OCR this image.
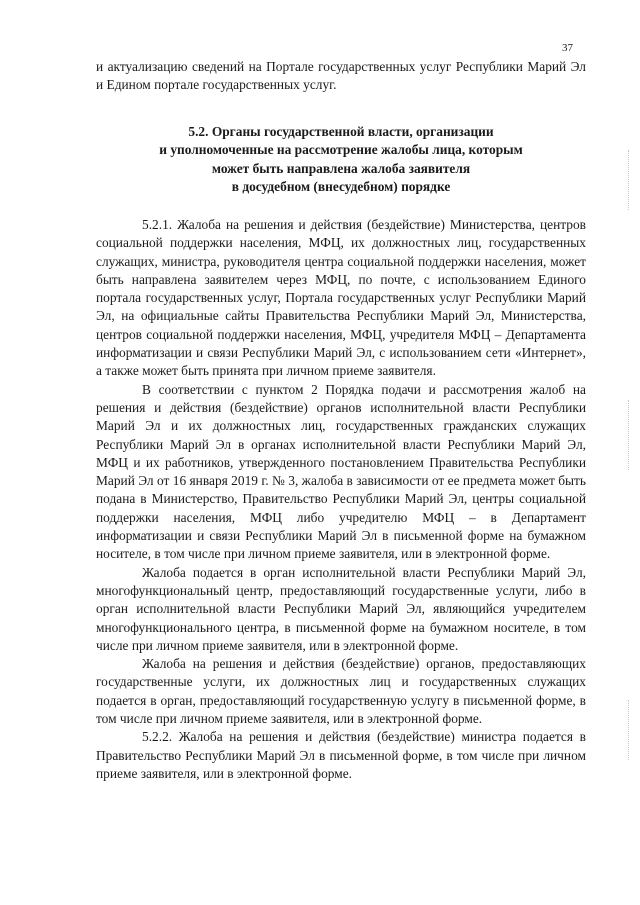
37

и актуализацию сведений на Портале государственных услуг Республики Марий Эл и Едином портале государственных услуг.

5.2. Органы государственной власти, организации
и уполномоченные на рассмотрение жалобы лица, которым
может быть направлена жалоба заявителя
в досудебном (внесудебном) порядке

5.2.1. Жалоба на решения и действия (бездействие) Министерства, центров социальной поддержки населения, МФЦ, их должностных лиц, государственных служащих, министра, руководителя центра социальной поддержки населения, может быть направлена заявителем через МФЦ, по почте, с использованием Единого портала государственных услуг, Портала государственных услуг Республики Марий Эл, на официальные сайты Правительства Республики Марий Эл, Министерства, центров социальной поддержки населения, МФЦ, учредителя МФЦ – Департамента информатизации и связи Республики Марий Эл, с использованием сети «Интернет», а также может быть принята при личном приеме заявителя.

В соответствии с пунктом 2 Порядка подачи и рассмотрения жалоб на решения и действия (бездействие) органов исполнительной власти Республики Марий Эл и их должностных лиц, государственных гражданских служащих Республики Марий Эл в органах исполнительной власти Республики Марий Эл, МФЦ и их работников, утвержденного постановлением Правительства Республики Марий Эл от 16 января 2019 г. № 3, жалоба в зависимости от ее предмета может быть подана в Министерство, Правительство Республики Марий Эл, центры социальной поддержки населения, МФЦ либо учредителю МФЦ – в Департамент информатизации и связи Республики Марий Эл в письменной форме на бумажном носителе, в том числе при личном приеме заявителя, или в электронной форме.

Жалоба подается в орган исполнительной власти Республики Марий Эл, многофункциональный центр, предоставляющий государственные услуги, либо в орган исполнительной власти Республики Марий Эл, являющийся учредителем многофункционального центра, в письменной форме на бумажном носителе, в том числе при личном приеме заявителя, или в электронной форме.

Жалоба на решения и действия (бездействие) органов, предоставляющих государственные услуги, их должностных лиц и государственных служащих подается в орган, предоставляющий государственную услугу в письменной форме, в том числе при личном приеме заявителя, или в электронной форме.

5.2.2. Жалоба на решения и действия (бездействие) министра подается в Правительство Республики Марий Эл в письменной форме, в том числе при личном приеме заявителя, или в электронной форме.
